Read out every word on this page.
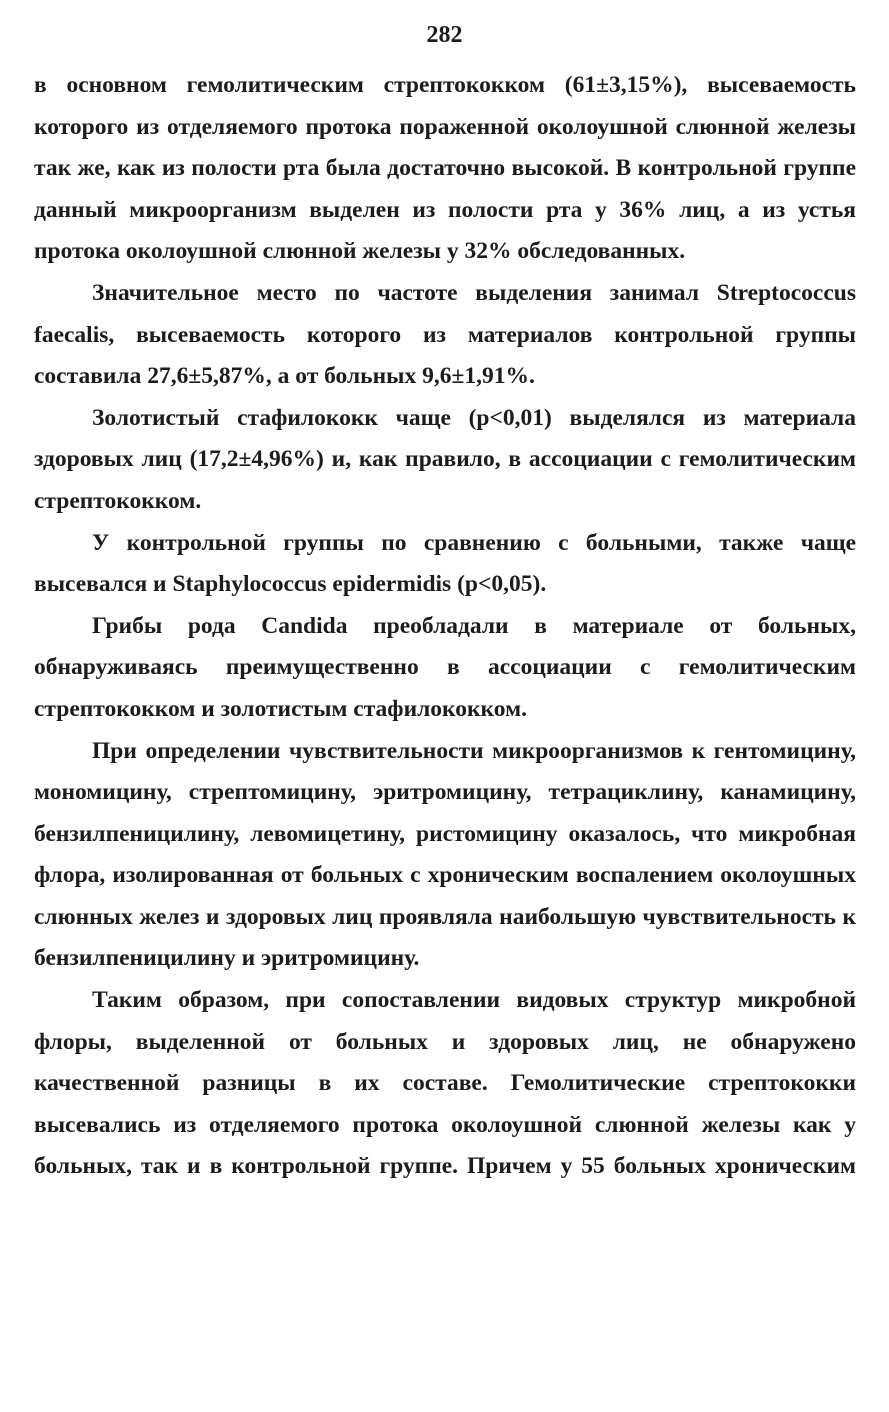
282

в основном гемолитическим стрептококком (61±3,15%), высеваемость которого из отделяемого протока пораженной околоушной слюнной железы так же, как из полости рта была достаточно высокой. В контрольной группе данный микроорганизм выделен из полости рта у 36% лиц, а из устья протока околоушной слюнной железы у 32% обследованных.

Значительное место по частоте выделения занимал Streptococcus faecalis, высеваемость которого из материалов контрольной группы составила 27,6±5,87%, а от больных 9,6±1,91%.

Золотистый стафилококк чаще (р<0,01) выделялся из материала здоровых лиц (17,2±4,96%) и, как правило, в ассоциации с гемолитическим стрептококком.

У контрольной группы по сравнению с больными, также чаще высевался и Staphylococcus epidermidis (р<0,05).

Грибы рода Candida преобладали в материале от больных, обнаруживаясь преимущественно в ассоциации с гемолитическим стрептококком и золотистым стафилококком.

При определении чувствительности микроорганизмов к гентомицину, мономицину, стрептомицину, эритромицину, тетрациклину, канамицину, бензилпеницилину, левомицетину, ристомицину оказалось, что микробная флора, изолированная от больных с хроническим воспалением околоушных слюнных желез и здоровых лиц проявляла наибольшую чувствительность к бензилпеницилину и эритромицину.

Таким образом, при сопоставлении видовых структур микробной флоры, выделенной от больных и здоровых лиц, не обнаружено качественной разницы в их составе. Гемолитические стрептококки высевались из отделяемого протока околоушной слюнной железы как у больных, так и в контрольной группе. Причем у 55 больных хроническим
